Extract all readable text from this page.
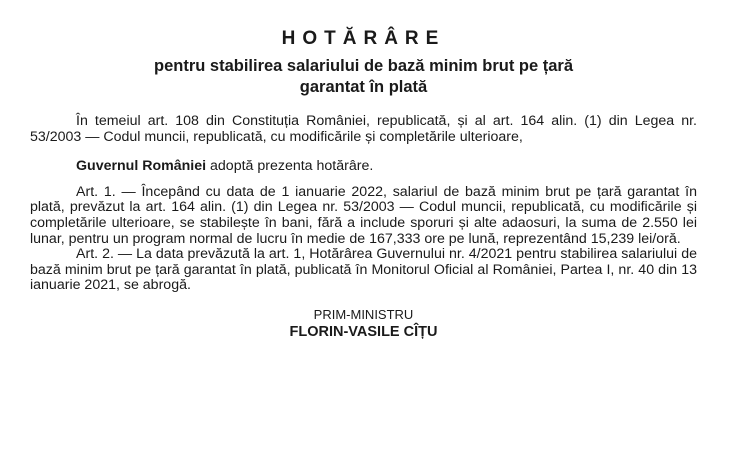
HOTĂRÂRE
pentru stabilirea salariului de bază minim brut pe țară
garantat în plată

În temeiul art. 108 din Constituția României, republicată, și al art. 164 alin. (1) din Legea nr. 53/2003 — Codul muncii, republicată, cu modificările și completările ulterioare,

Guvernul României adoptă prezenta hotărâre.

Art. 1. — Începând cu data de 1 ianuarie 2022, salariul de bază minim brut pe țară garantat în plată, prevăzut la art. 164 alin. (1) din Legea nr. 53/2003 — Codul muncii, republicată, cu modificările și completările ulterioare, se stabilește în bani, fără a include sporuri și alte adaosuri, la suma de 2.550 lei lunar, pentru un program normal de lucru în medie de 167,333 ore pe lună, reprezentând 15,239 lei/oră.

Art. 2. — La data prevăzută la art. 1, Hotărârea Guvernului nr. 4/2021 pentru stabilirea salariului de bază minim brut pe țară garantat în plată, publicată în Monitorul Oficial al României, Partea I, nr. 40 din 13 ianuarie 2021, se abrogă.

PRIM-MINISTRU

FLORIN-VASILE CÎȚU
